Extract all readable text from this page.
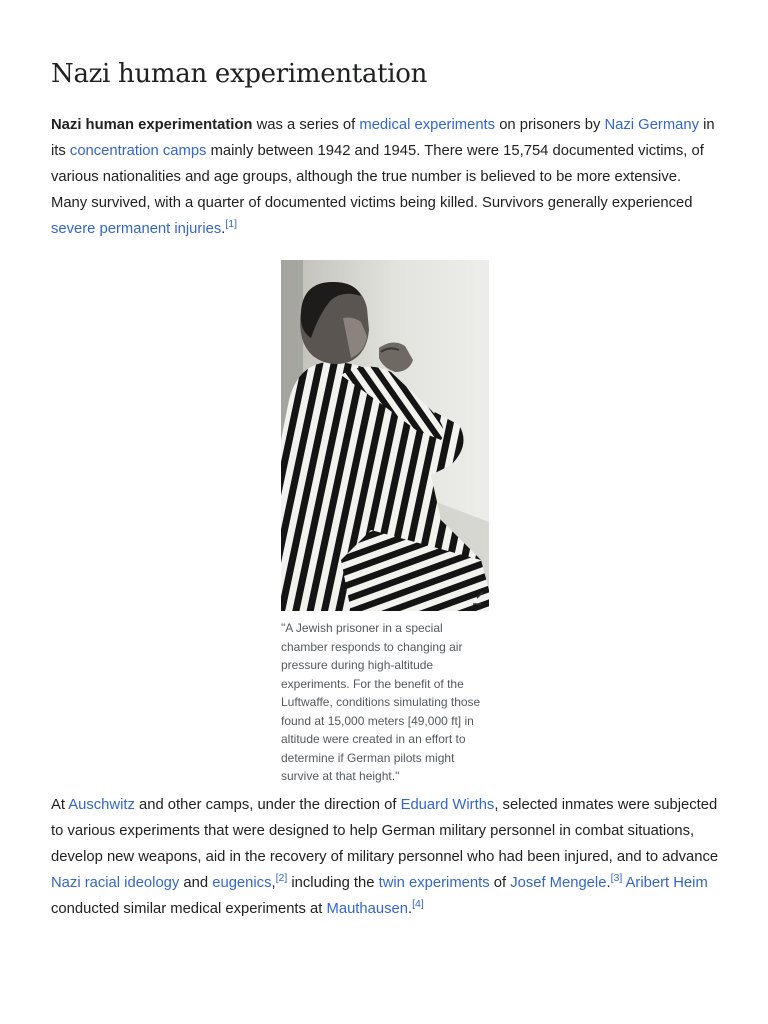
Nazi human experimentation

Nazi human experimentation was a series of medical experiments on prisoners by Nazi Germany in its concentration camps mainly between 1942 and 1945. There were 15,754 documented victims, of various nationalities and age groups, although the true number is believed to be more extensive. Many survived, with a quarter of documented victims being killed. Survivors generally experienced severe permanent injuries.[1]

"A Jewish prisoner in a special chamber responds to changing air pressure during high-altitude experiments. For the benefit of the Luftwaffe, conditions simulating those found at 15,000 meters [49,000 ft] in altitude were created in an effort to determine if German pilots might survive at that height."

At Auschwitz and other camps, under the direction of Eduard Wirths, selected inmates were subjected to various experiments that were designed to help German military personnel in combat situations, develop new weapons, aid in the recovery of military personnel who had been injured, and to advance Nazi racial ideology and eugenics,[2] including the twin experiments of Josef Mengele.[3] Aribert Heim conducted similar medical experiments at Mauthausen.[4]
